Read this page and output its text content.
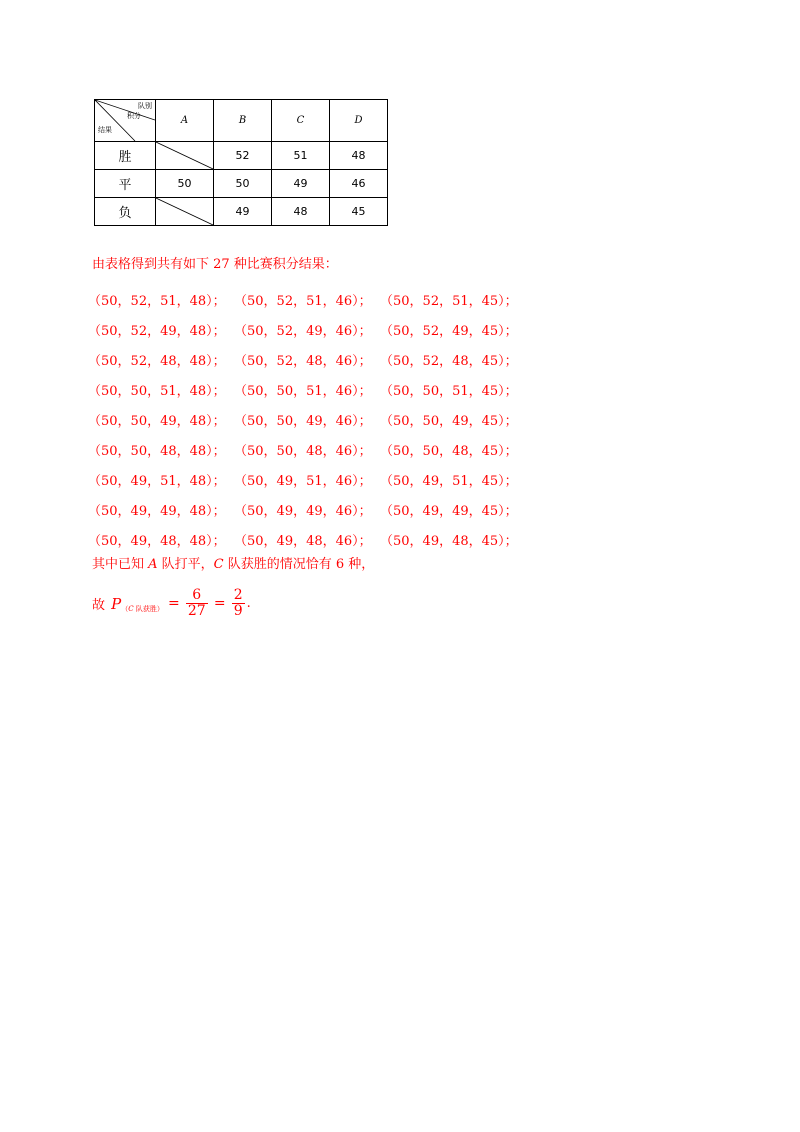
队别
积分
结果	A	B	C	D
胜		52	51	48
平	50	50	49	46
负		49	48	45
由表格得到共有如下 27 种比赛积分结果：
（50，52，51，48）； （50，52，51，46）； （50，52，51，45）；
（50，52，49，48）； （50，52，49，46）； （50，52，49，45）；
（50，52，48，48）； （50，52，48，46）； （50，52，48，45）；
（50，50，51，48）； （50，50，51，46）； （50，50，51，45）；
（50，50，49，48）； （50，50，49，46）； （50，50，49，45）；
（50，50，48，48）； （50，50，48，46）； （50，50，48，45）；
（50，49，51，48）； （50，49，51，46）； （50，49，51，45）；
（50，49，49，48）； （50，49，49，46）； （50，49，49，45）；
（50，49，48，48）； （50，49，48，46）； （50，49，48，45）；
其中已知 A 队打平，C 队获胜的情况恰有 6 种，
故 $P_{(C 队获胜)} = \frac{6}{27} = \frac{2}{9}$ .
